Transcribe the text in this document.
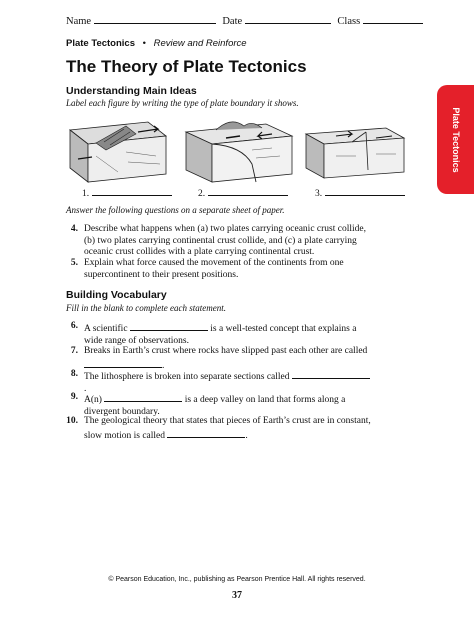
Name	Date	Class
Plate Tectonics • Review and Reinforce
The Theory of Plate Tectonics
Plate Tectonics
Understanding Main Ideas
Label each figure by writing the type of plate boundary it shows.
1.	2.	3.
Answer the following questions on a separate sheet of paper.
4. Describe what happens when (a) two plates carrying oceanic crust collide, (b) two plates carrying continental crust collide, and (c) a plate carrying oceanic crust collides with a plate carrying continental crust.
5. Explain what force caused the movement of the continents from one supercontinent to their present positions.
Building Vocabulary
Fill in the blank to complete each statement.
6. A scientific	is a well-tested concept that explains a wide range of observations.
7. Breaks in Earth’s crust where rocks have slipped past each other are called .
8. The lithosphere is broken into separate sections called .
9. A(n)	is a deep valley on land that forms along a divergent boundary.
10. The geological theory that states that pieces of Earth’s crust are in constant, slow motion is called	.
© Pearson Education, Inc., publishing as Pearson Prentice Hall. All rights reserved.
37
